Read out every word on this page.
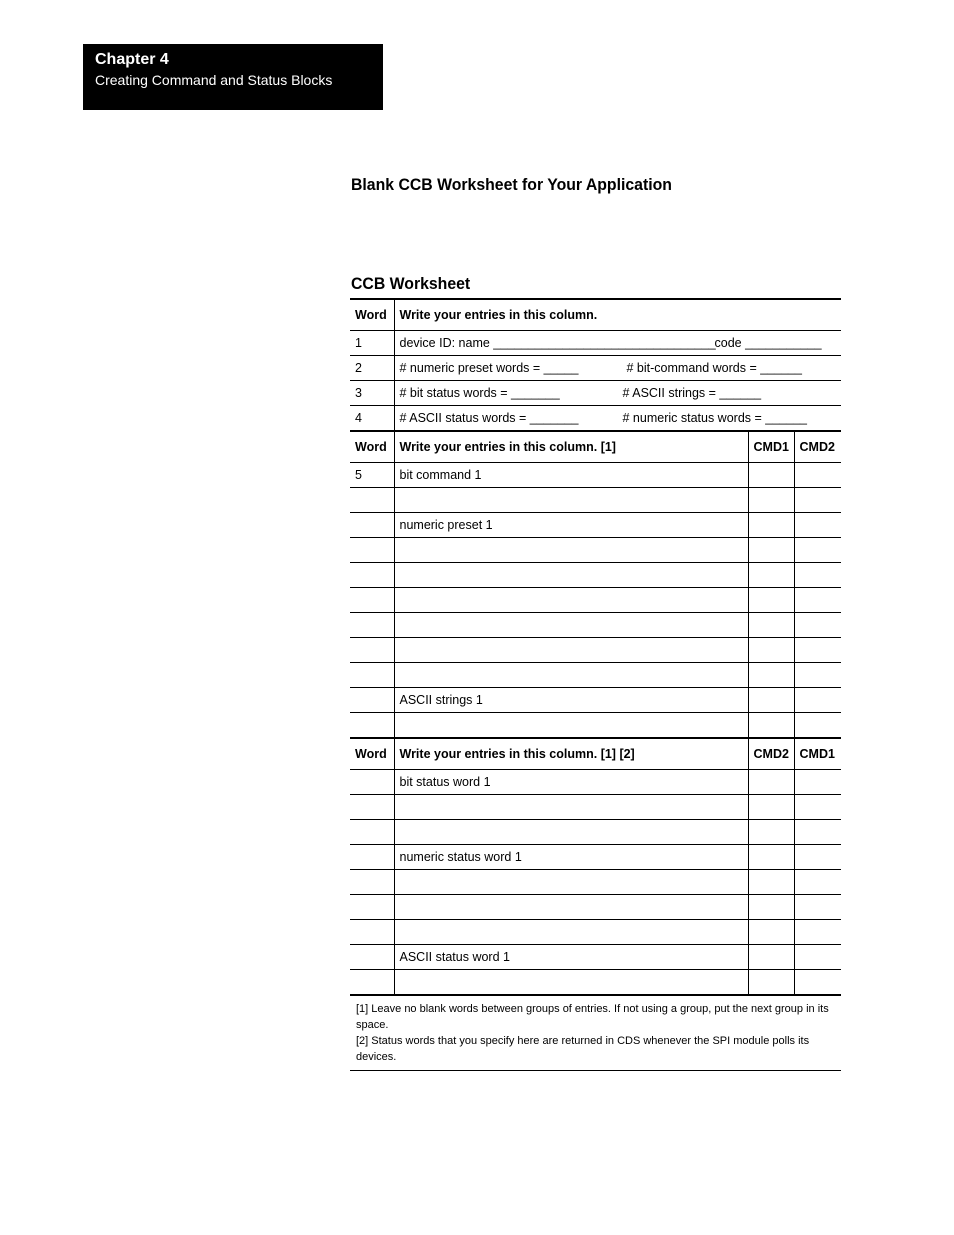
Chapter 4
Creating Command and Status Blocks
Blank CCB Worksheet for Your Application
CCB Worksheet
Word	Write your entries in this column.		
1	device ID: name ________________________________code ___________		
2	# numeric preset words = _____ # bit-command words = ______		
3	# bit status words = _______ # ASCII strings = ______		
4	# ASCII status words = _______ # numeric status words = ______		
Word	Write your entries in this column. [1]	CMD1	CMD2
5	bit command 1		

	numeric preset 1		

	ASCII strings 1		

Word	Write your entries in this column. [1] [2]	CMD2	CMD1
	bit status word 1		

	numeric status word 1		

	ASCII status word 1		

[1] Leave no blank words between groups of entries. If not using a group, put the next group in its space.
[2] Status words that you specify here are returned in CDS whenever the SPI module polls its devices.			
